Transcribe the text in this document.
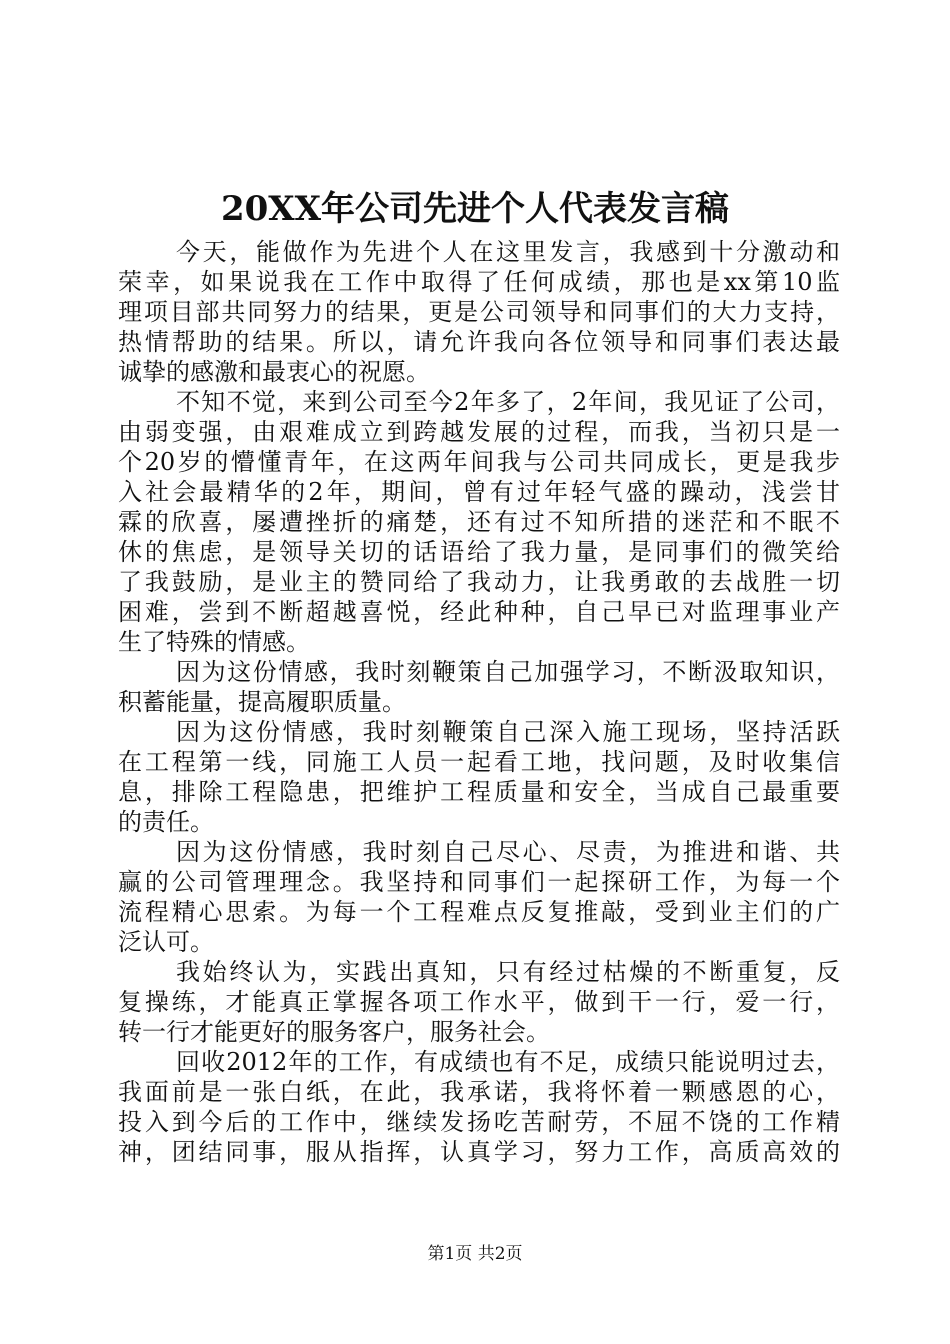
20XX年公司先进个人代表发言稿
今天，能做作为先进个人在这里发言，我感到十分激动和
荣幸，如果说我在工作中取得了任何成绩，那也是xx第10监
理项目部共同努力的结果，更是公司领导和同事们的大力支持，
热情帮助的结果。所以，请允许我向各位领导和同事们表达最
诚挚的感激和最衷心的祝愿。
不知不觉，来到公司至今2年多了，2年间，我见证了公司，
由弱变强，由艰难成立到跨越发展的过程，而我，当初只是一
个20岁的懵懂青年，在这两年间我与公司共同成长，更是我步
入社会最精华的2年，期间，曾有过年轻气盛的躁动，浅尝甘
霖的欣喜，屡遭挫折的痛楚，还有过不知所措的迷茫和不眠不
休的焦虑，是领导关切的话语给了我力量，是同事们的微笑给
了我鼓励，是业主的赞同给了我动力，让我勇敢的去战胜一切
困难，尝到不断超越喜悦，经此种种，自己早已对监理事业产
生了特殊的情感。
因为这份情感，我时刻鞭策自己加强学习，不断汲取知识，
积蓄能量，提高履职质量。
因为这份情感，我时刻鞭策自己深入施工现场，坚持活跃
在工程第一线，同施工人员一起看工地，找问题，及时收集信
息，排除工程隐患，把维护工程质量和安全，当成自己最重要
的责任。
因为这份情感，我时刻自己尽心、尽责，为推进和谐、共
赢的公司管理理念。我坚持和同事们一起探研工作，为每一个
流程精心思索。为每一个工程难点反复推敲，受到业主们的广
泛认可。
我始终认为，实践出真知，只有经过枯燥的不断重复，反
复操练，才能真正掌握各项工作水平，做到干一行，爱一行，
转一行才能更好的服务客户，服务社会。
回收2012年的工作，有成绩也有不足，成绩只能说明过去，
我面前是一张白纸，在此，我承诺，我将怀着一颗感恩的心，
投入到今后的工作中，继续发扬吃苦耐劳，不屈不饶的工作精
神，团结同事，服从指挥，认真学习，努力工作，高质高效的
第1页 共2页
